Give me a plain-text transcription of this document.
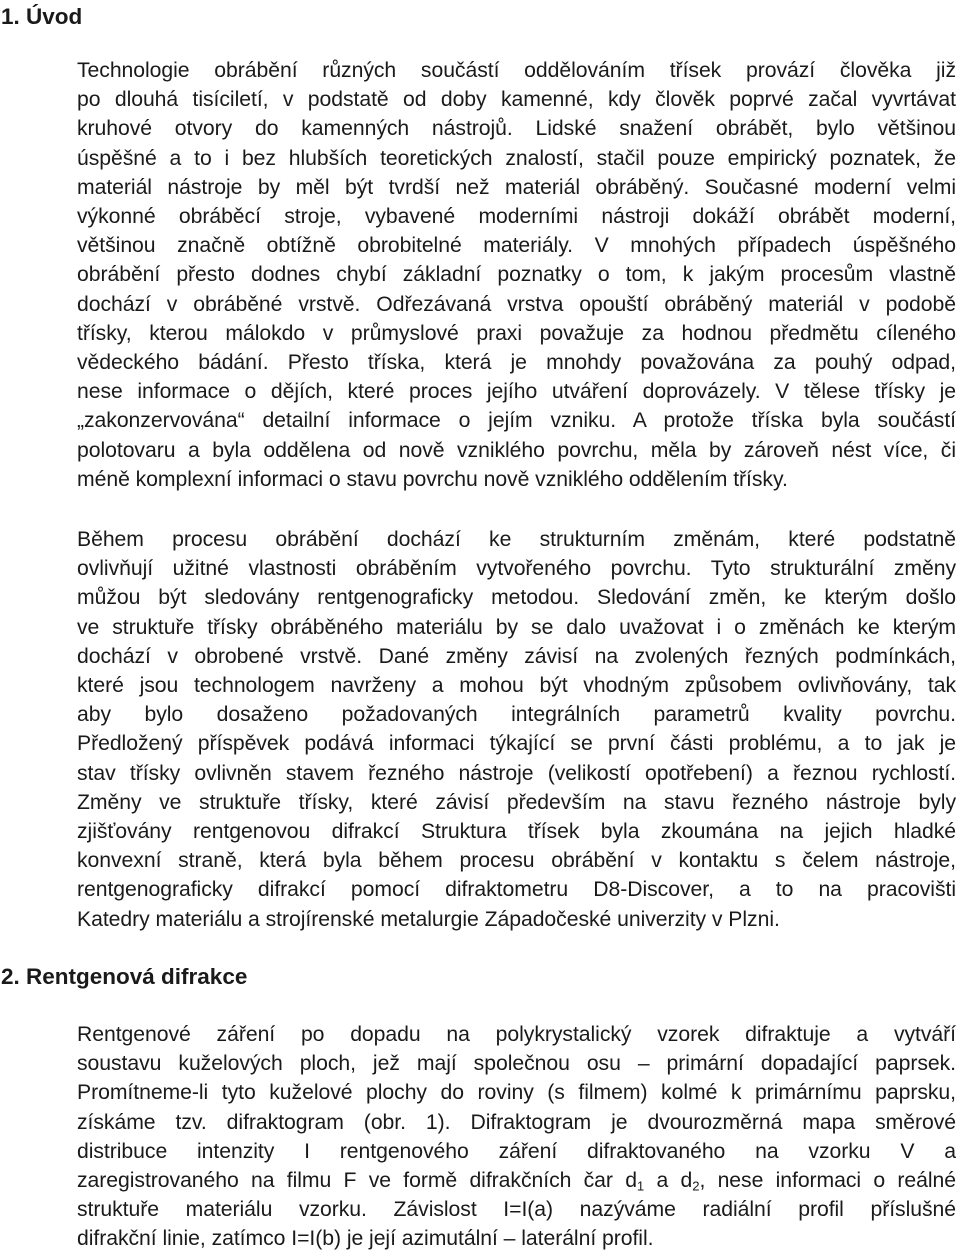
1. Úvod

Technologie obrábění různých součástí oddělováním třísek provází člověka již
po dlouhá tisíciletí, v podstatě od doby kamenné, kdy člověk poprvé začal vyvrtávat
kruhové otvory do kamenných nástrojů. Lidské snažení obrábět, bylo většinou
úspěšné a to i bez hlubších teoretických znalostí, stačil pouze empirický poznatek, že
materiál nástroje by měl být tvrdší než materiál obráběný. Současné moderní velmi
výkonné obráběcí stroje, vybavené moderními nástroji dokáží obrábět moderní,
většinou značně obtížně obrobitelné materiály. V mnohých případech úspěšného
obrábění přesto dodnes chybí základní poznatky o tom, k jakým procesům vlastně
dochází v obráběné vrstvě. Odřezávaná vrstva opouští obráběný materiál v podobě
třísky, kterou málokdo v průmyslové praxi považuje za hodnou předmětu cíleného
vědeckého bádání. Přesto tříska, která je mnohdy považována za pouhý odpad,
nese informace o dějích, které proces jejího utváření doprovázely. V tělese třísky je
„zakonzervována“ detailní informace o jejím vzniku. A protože tříska byla součástí
polotovaru a byla oddělena od nově vzniklého povrchu, měla by zároveň nést více, či
méně komplexní informaci o stavu povrchu nově vzniklého oddělením třísky.

Během procesu obrábění dochází ke strukturním změnám, které podstatně
ovlivňují užitné vlastnosti obráběním vytvořeného povrchu. Tyto strukturální změny
můžou být sledovány rentgenograficky metodou. Sledování změn, ke kterým došlo
ve struktuře třísky obráběného materiálu by se dalo uvažovat i o změnách ke kterým
dochází v obrobené vrstvě. Dané změny závisí na zvolených řezných podmínkách,
které jsou technologem navrženy a mohou být vhodným způsobem ovlivňovány, tak
aby bylo dosaženo požadovaných integrálních parametrů kvality povrchu.
Předložený příspěvek podává informaci týkající se první části problému, a to jak je
stav třísky ovlivněn stavem řezného nástroje (velikostí opotřebení) a řeznou rychlostí.
Změny ve struktuře třísky, které závisí především na stavu řezného nástroje byly
zjišťovány rentgenovou difrakcí Struktura třísek byla zkoumána na jejich hladké
konvexní straně, která byla během procesu obrábění v kontaktu s čelem nástroje,
rentgenograficky difrakcí pomocí difraktometru D8-Discover, a to na pracovišti
Katedry materiálu a strojírenské metalurgie Západočeské univerzity v Plzni.

2. Rentgenová difrakce

Rentgenové záření po dopadu na polykrystalický vzorek difraktuje a vytváří
soustavu kuželových ploch, jež mají společnou osu – primární dopadající paprsek.
Promítneme-li tyto kuželové plochy do roviny (s filmem) kolmé k primárnímu paprsku,
získáme tzv. difraktogram (obr. 1). Difraktogram je dvourozměrná mapa směrové
distribuce intenzity I rentgenového záření difraktovaného na vzorku V a
zaregistrovaného na filmu F ve formě difrakčních čar $d_1$ a $d_2$, nese informaci o reálné
struktuře materiálu vzorku. Závislost I=I(a) nazýváme radiální profil příslušné
difrakční linie, zatímco I=I(b) je její azimutální – laterální profil.
